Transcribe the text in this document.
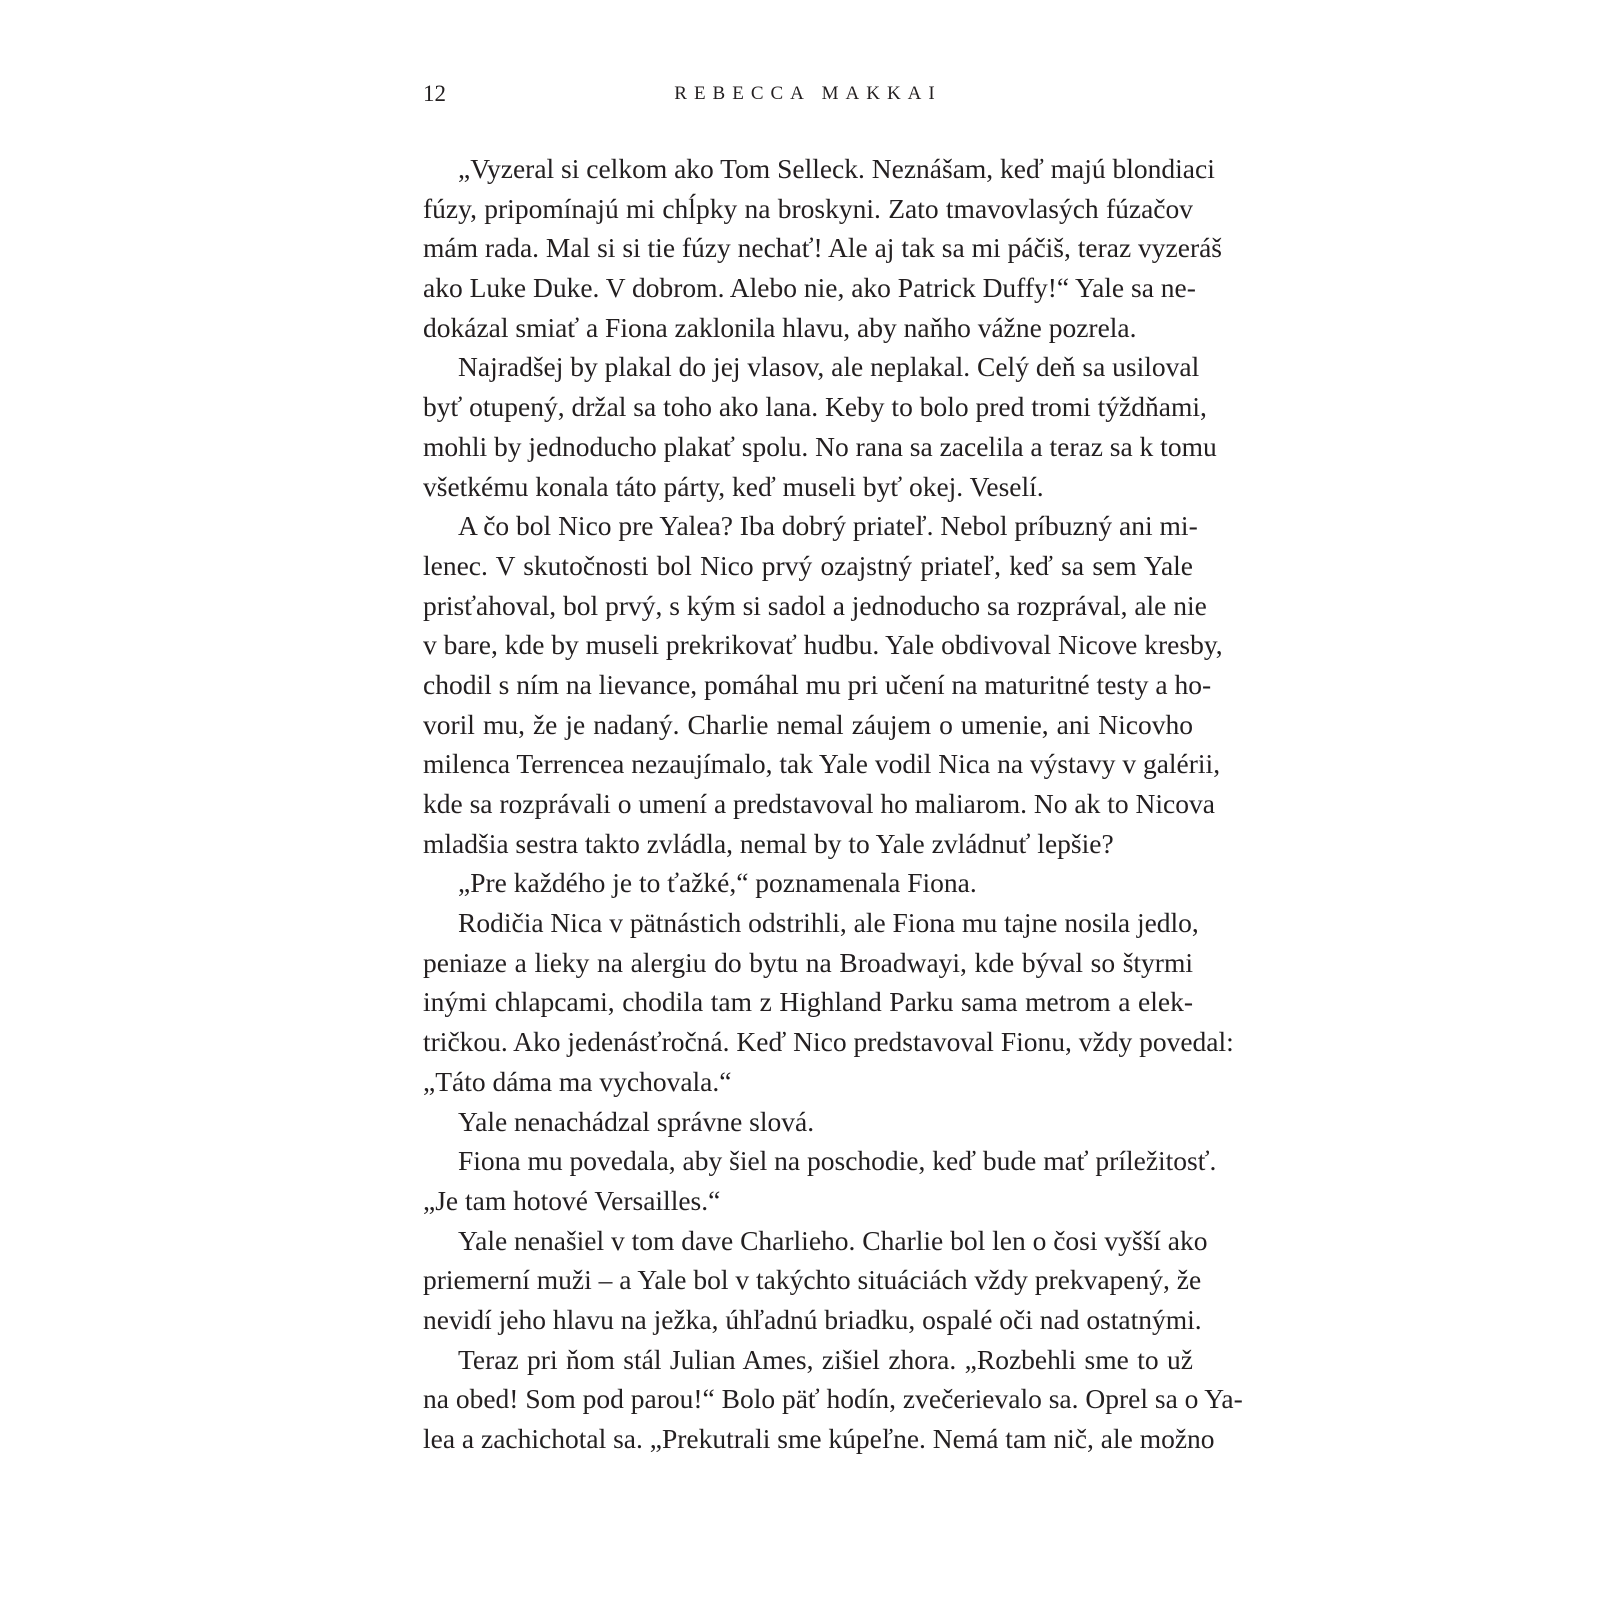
12	REBECCA MAKKAI
„Vyzeral si celkom ako Tom Selleck. Neznášam, keď majú blondiaci
fúzy, pripomínajú mi chĺpky na broskyni. Zato tmavovlasých fúzačov
mám rada. Mal si si tie fúzy nechať! Ale aj tak sa mi páčiš, teraz vyzeráš
ako Luke Duke. V dobrom. Alebo nie, ako Patrick Duffy!“ Yale sa ne-
dokázal smiať a Fiona zaklonila hlavu, aby naňho vážne pozrela.
Najradšej by plakal do jej vlasov, ale neplakal. Celý deň sa usiloval
byť otupený, držal sa toho ako lana. Keby to bolo pred tromi týždňami,
mohli by jednoducho plakať spolu. No rana sa zacelila a teraz sa k tomu
všetkému konala táto párty, keď museli byť okej. Veselí.
A čo bol Nico pre Yalea? Iba dobrý priateľ. Nebol príbuzný ani mi-
lenec. V skutočnosti bol Nico prvý ozajstný priateľ, keď sa sem Yale
prisťahoval, bol prvý, s kým si sadol a jednoducho sa rozprával, ale nie
v bare, kde by museli prekrikovať hudbu. Yale obdivoval Nicove kresby,
chodil s ním na lievance, pomáhal mu pri učení na maturitné testy a ho-
voril mu, že je nadaný. Charlie nemal záujem o umenie, ani Nicovho
milenca Terrencea nezaujímalo, tak Yale vodil Nica na výstavy v galérii,
kde sa rozprávali o umení a predstavoval ho maliarom. No ak to Nicova
mladšia sestra takto zvládla, nemal by to Yale zvládnuť lepšie?
„Pre každého je to ťažké,“ poznamenala Fiona.
Rodičia Nica v pätnástich odstrihli, ale Fiona mu tajne nosila jedlo,
peniaze a lieky na alergiu do bytu na Broadwayi, kde býval so štyrmi
inými chlapcami, chodila tam z Highland Parku sama metrom a elek-
tričkou. Ako jedenásťročná. Keď Nico predstavoval Fionu, vždy povedal:
„Táto dáma ma vychovala.“
Yale nenachádzal správne slová.
Fiona mu povedala, aby šiel na poschodie, keď bude mať príležitosť.
„Je tam hotové Versailles.“
Yale nenašiel v tom dave Charlieho. Charlie bol len o čosi vyšší ako
priemerní muži – a Yale bol v takýchto situáciách vždy prekvapený, že
nevidí jeho hlavu na ježka, úhľadnú briadku, ospalé oči nad ostatnými.
Teraz pri ňom stál Julian Ames, zišiel zhora. „Rozbehli sme to už
na obed! Som pod parou!“ Bolo päť hodín, zvečerievalo sa. Oprel sa o Ya-
lea a zachichotal sa. „Prekutrali sme kúpeľne. Nemá tam nič, ale možno
